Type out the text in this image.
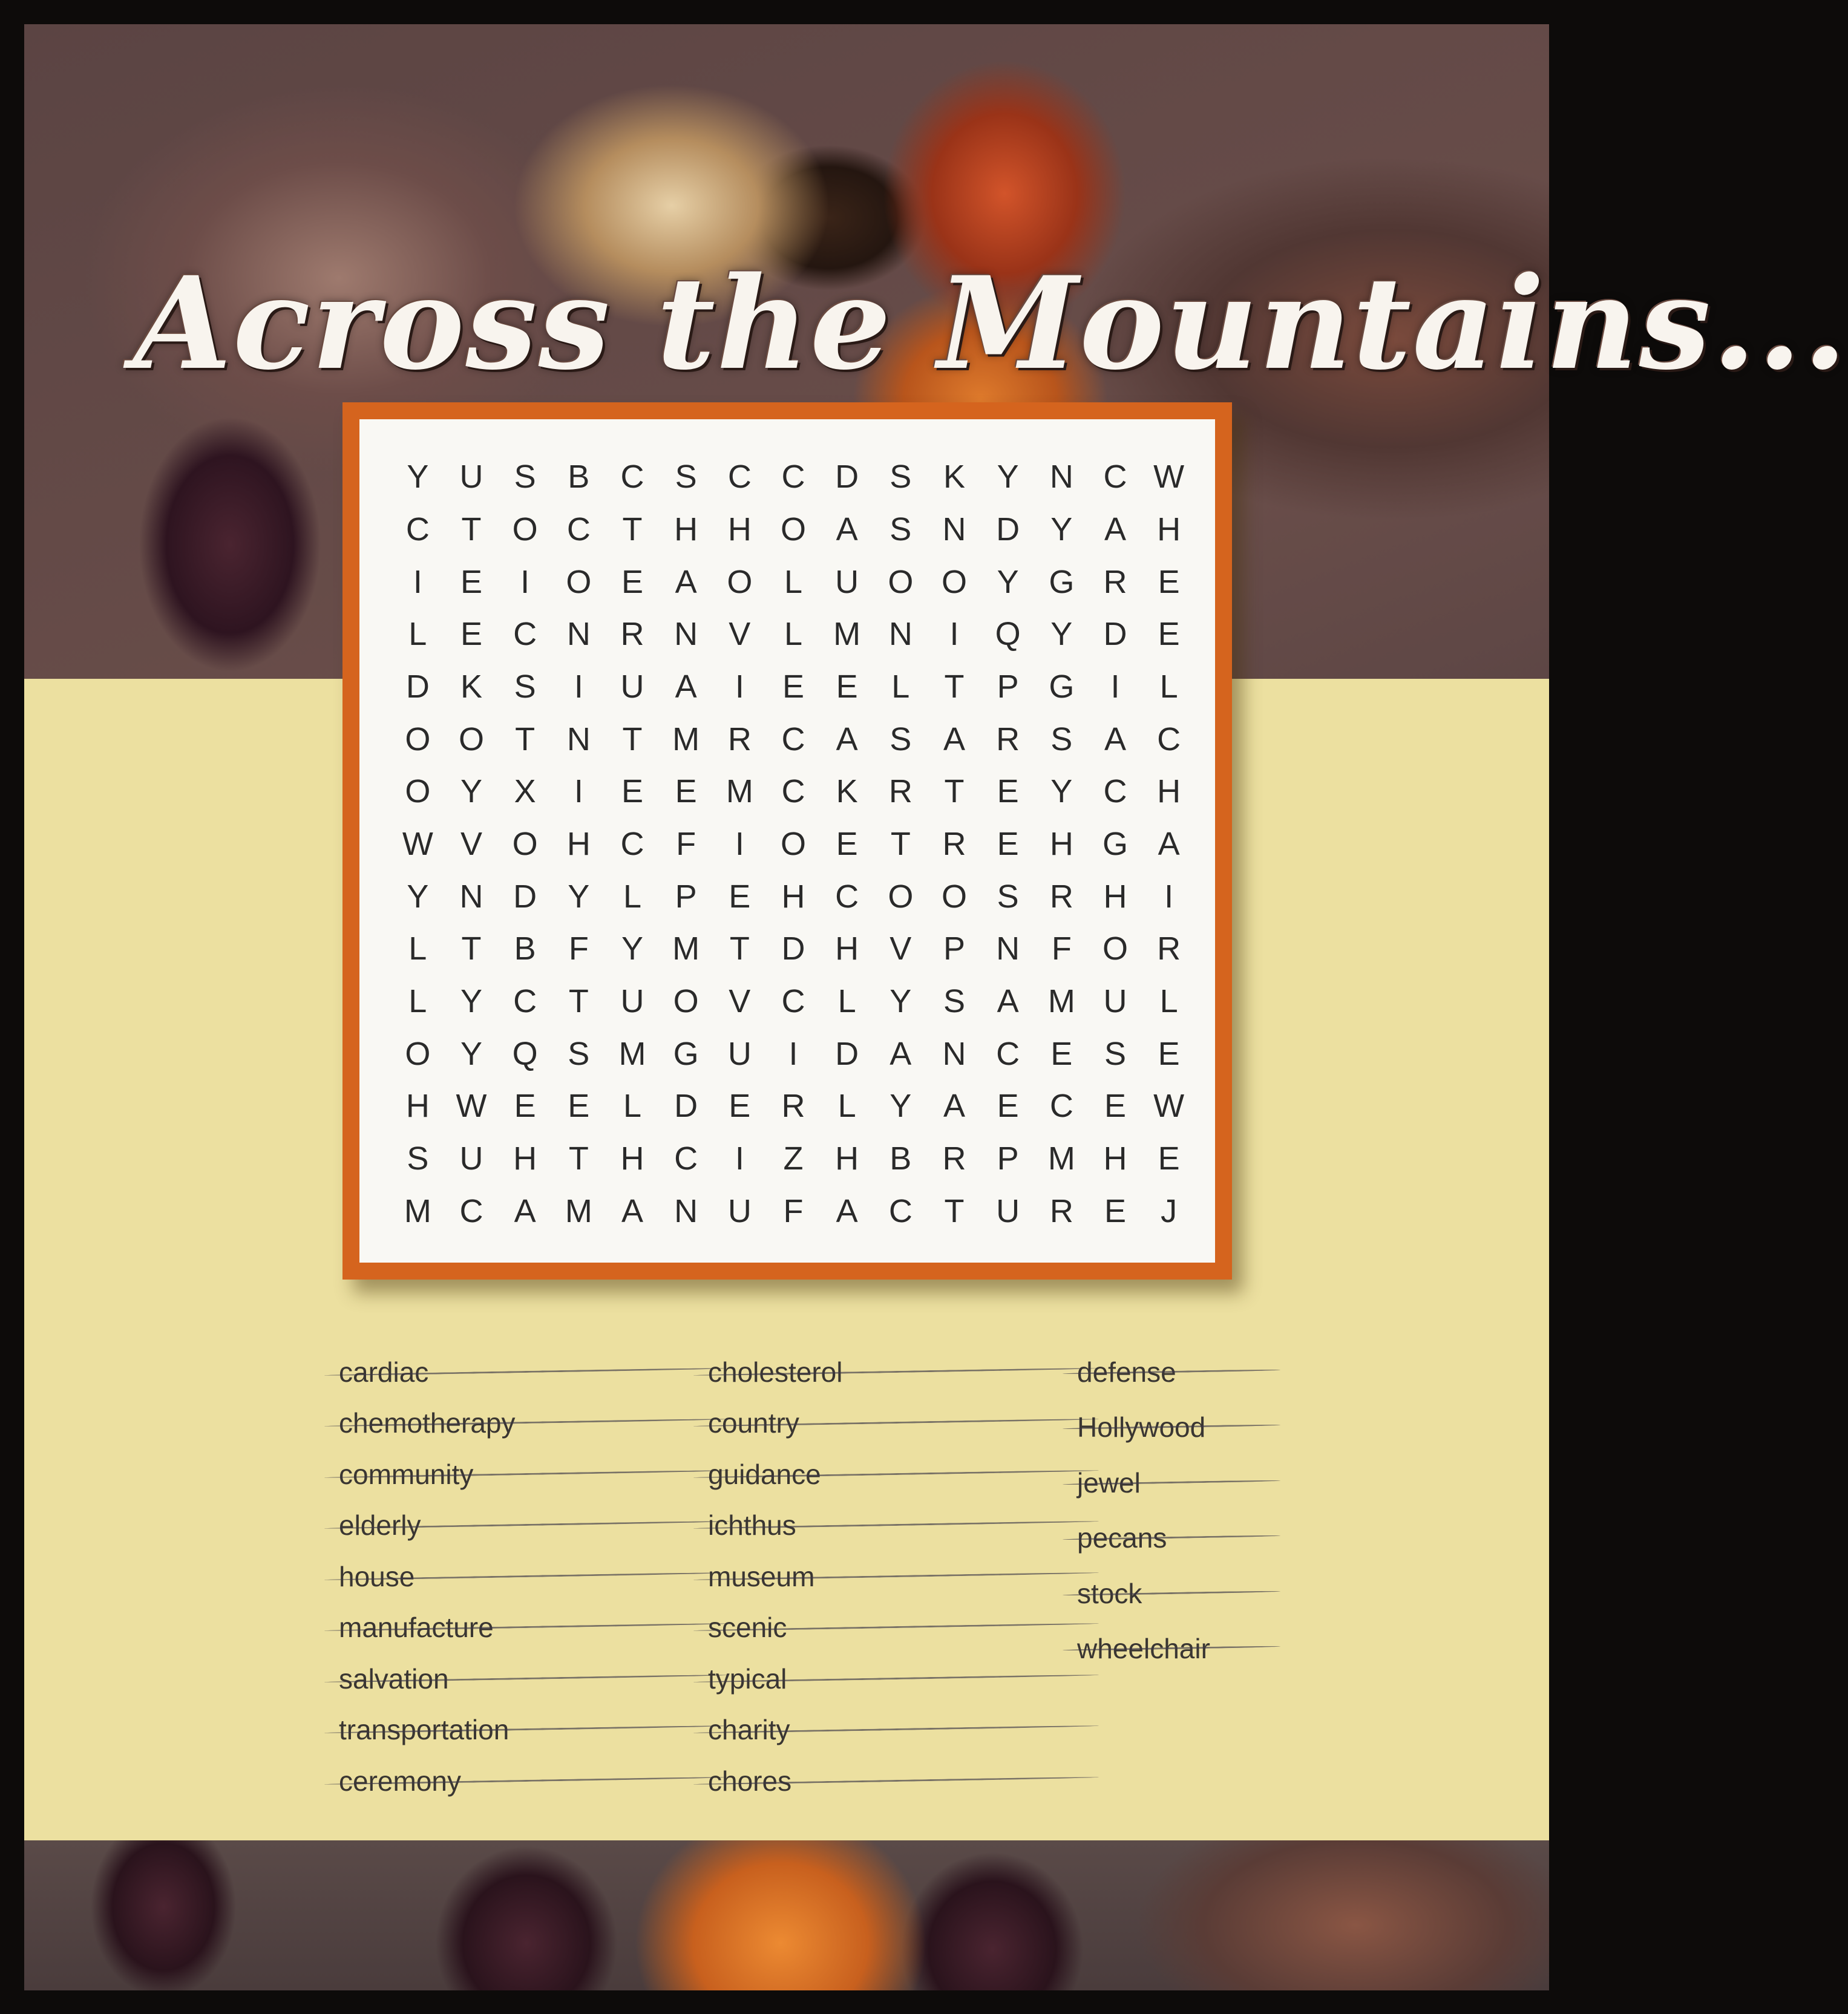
Across the Mountains...
Y U S B C S C C D S K Y N C W
C T O C T H H O A S N D Y A H
I	E	I	O E A O L	U O O Y G R E
L	E C N R N V	L M N	I	Q Y D E
D K S	I	U A	I	E E	L	T	P G	I	L
O O T N T M R C A S A R S A C
O Y X	I	E E M C K R T	E Y C H
W V O H C F	I	O E	T R E H G A
Y N D Y	L	P E H C O O S R H	I
L	T	B	F	Y M T D H V P N F O R
L	Y C T U O V C	L	Y S A M U	L
O Y Q S M G U	I	D A N C E S E
H W E E	L	D E R	L	Y A E C E W
S U H T H C	I	Z H B R P M H E
M C A M A N U F	A C T U R E	J
cardiac
chemotherapy
community
elderly
house
manufacture
salvation
transportation
ceremony
cholesterol
country
guidance
ichthus
museum
scenic
typical
charity
chores
defense
Hollywood
jewel
pecans
stock
wheelchair
